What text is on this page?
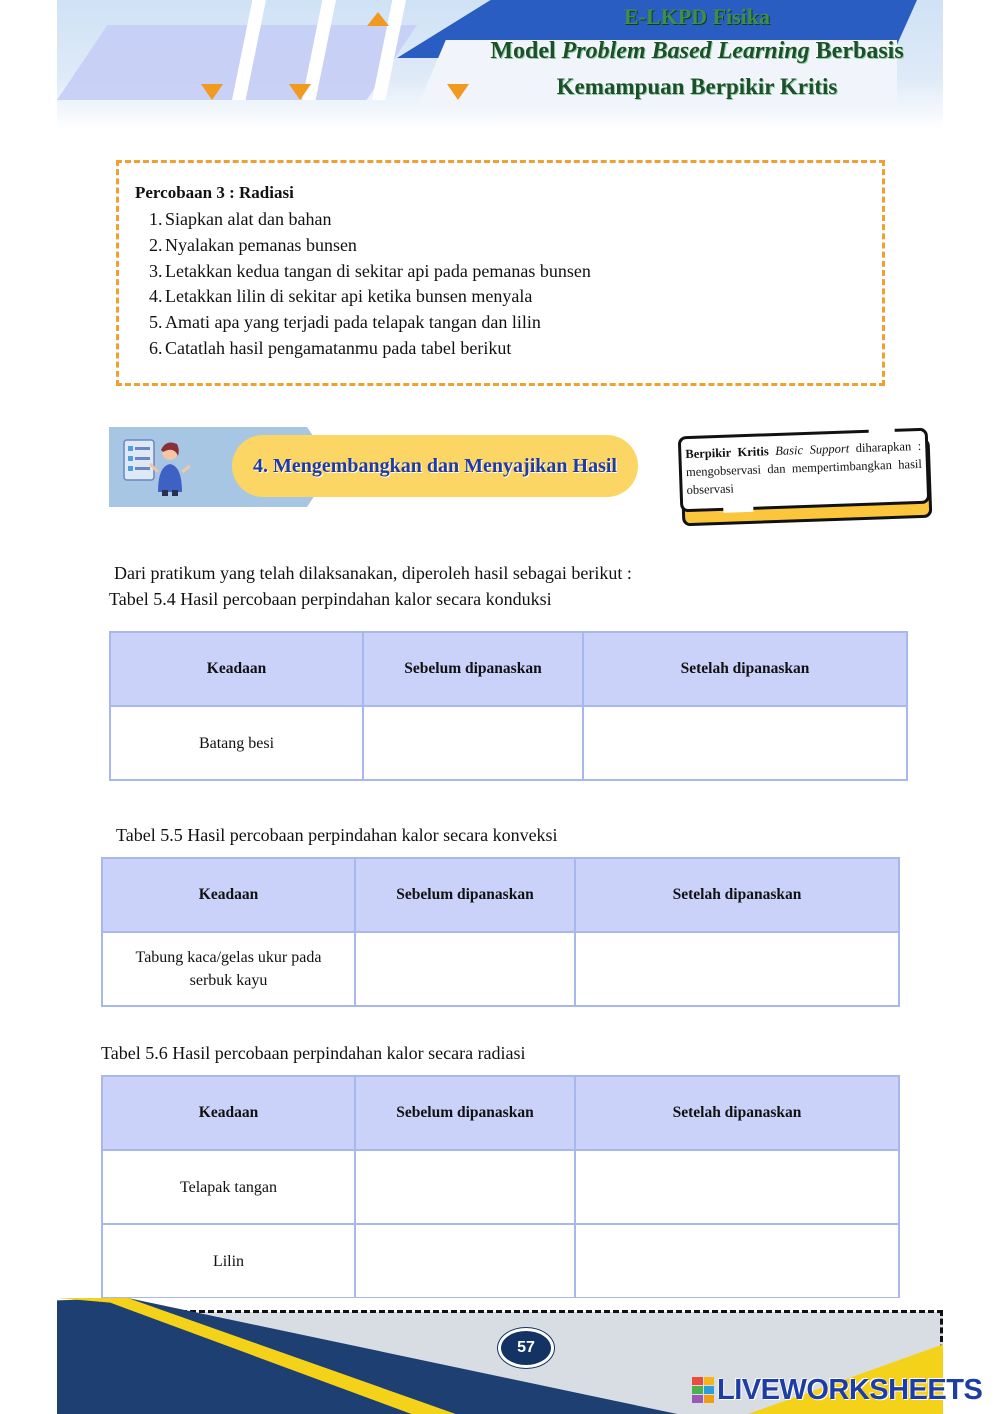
E-LKPD Fisika
Model Problem Based Learning Berbasis
Kemampuan Berpikir Kritis
Percobaan 3 : Radiasi
1. Siapkan alat dan bahan
2. Nyalakan pemanas bunsen
3. Letakkan kedua tangan di sekitar api pada pemanas bunsen
4. Letakkan lilin di sekitar api ketika bunsen menyala
5. Amati apa yang terjadi pada telapak tangan dan lilin
6. Catatlah hasil pengamatanmu pada tabel berikut
4. Mengembangkan dan Menyajikan Hasil
Berpikir Kritis Basic Support diharapkan : mengobservasi dan mempertimbangkan hasil observasi
Dari pratikum yang telah dilaksanakan, diperoleh hasil sebagai berikut :
Tabel 5.4 Hasil percobaan perpindahan kalor secara konduksi
Keadaan	Sebelum dipanaskan	Setelah dipanaskan
Batang besi		
Tabel 5.5 Hasil percobaan perpindahan kalor secara konveksi
Keadaan	Sebelum dipanaskan	Setelah dipanaskan
Tabung kaca/gelas ukur pada serbuk kayu		
Tabel 5.6 Hasil percobaan perpindahan kalor secara radiasi
Keadaan	Sebelum dipanaskan	Setelah dipanaskan
Telapak tangan		
Lilin		
57
LIVEWORKSHEETS
